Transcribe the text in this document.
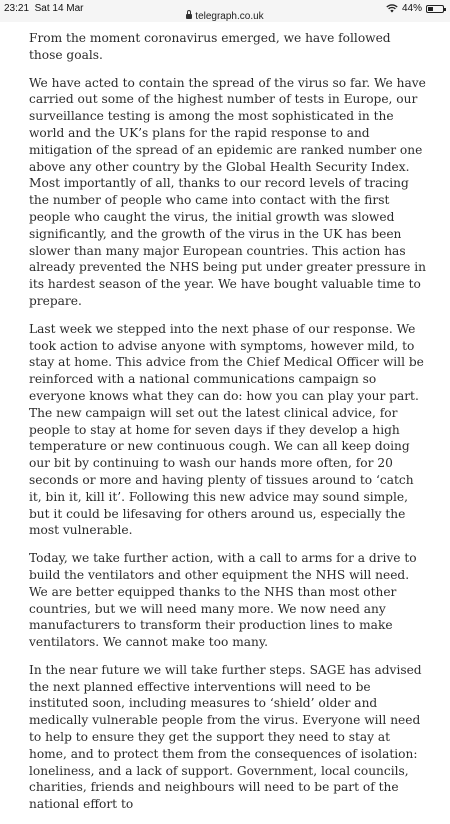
23:21 Sat 14 Mar
telegraph.co.uk
44%

From the moment coronavirus emerged, we have followed those goals.

We have acted to contain the spread of the virus so far. We have carried out some of the highest number of tests in Europe, our surveillance testing is among the most sophisticated in the world and the UK’s plans for the rapid response to and mitigation of the spread of an epidemic are ranked number one above any other country by the Global Health Security Index. Most importantly of all, thanks to our record levels of tracing the number of people who came into contact with the first people who caught the virus, the initial growth was slowed significantly, and the growth of the virus in the UK has been slower than many major European countries. This action has already prevented the NHS being put under greater pressure in its hardest season of the year. We have bought valuable time to prepare.

Last week we stepped into the next phase of our response. We took action to advise anyone with symptoms, however mild, to stay at home. This advice from the Chief Medical Officer will be reinforced with a national communications campaign so everyone knows what they can do: how you can play your part. The new campaign will set out the latest clinical advice, for people to stay at home for seven days if they develop a high temperature or new continuous cough. We can all keep doing our bit by continuing to wash our hands more often, for 20 seconds or more and having plenty of tissues around to ‘catch it, bin it, kill it’. Following this new advice may sound simple, but it could be lifesaving for others around us, especially the most vulnerable.

Today, we take further action, with a call to arms for a drive to build the ventilators and other equipment the NHS will need. We are better equipped thanks to the NHS than most other countries, but we will need many more. We now need any manufacturers to transform their production lines to make ventilators. We cannot make too many.

In the near future we will take further steps. SAGE has advised the next planned effective interventions will need to be instituted soon, including measures to ‘shield’ older and medically vulnerable people from the virus. Everyone will need to help to ensure they get the support they need to stay at home, and to protect them from the consequences of isolation: loneliness, and a lack of support. Government, local councils, charities, friends and neighbours will need to be part of the national effort to
